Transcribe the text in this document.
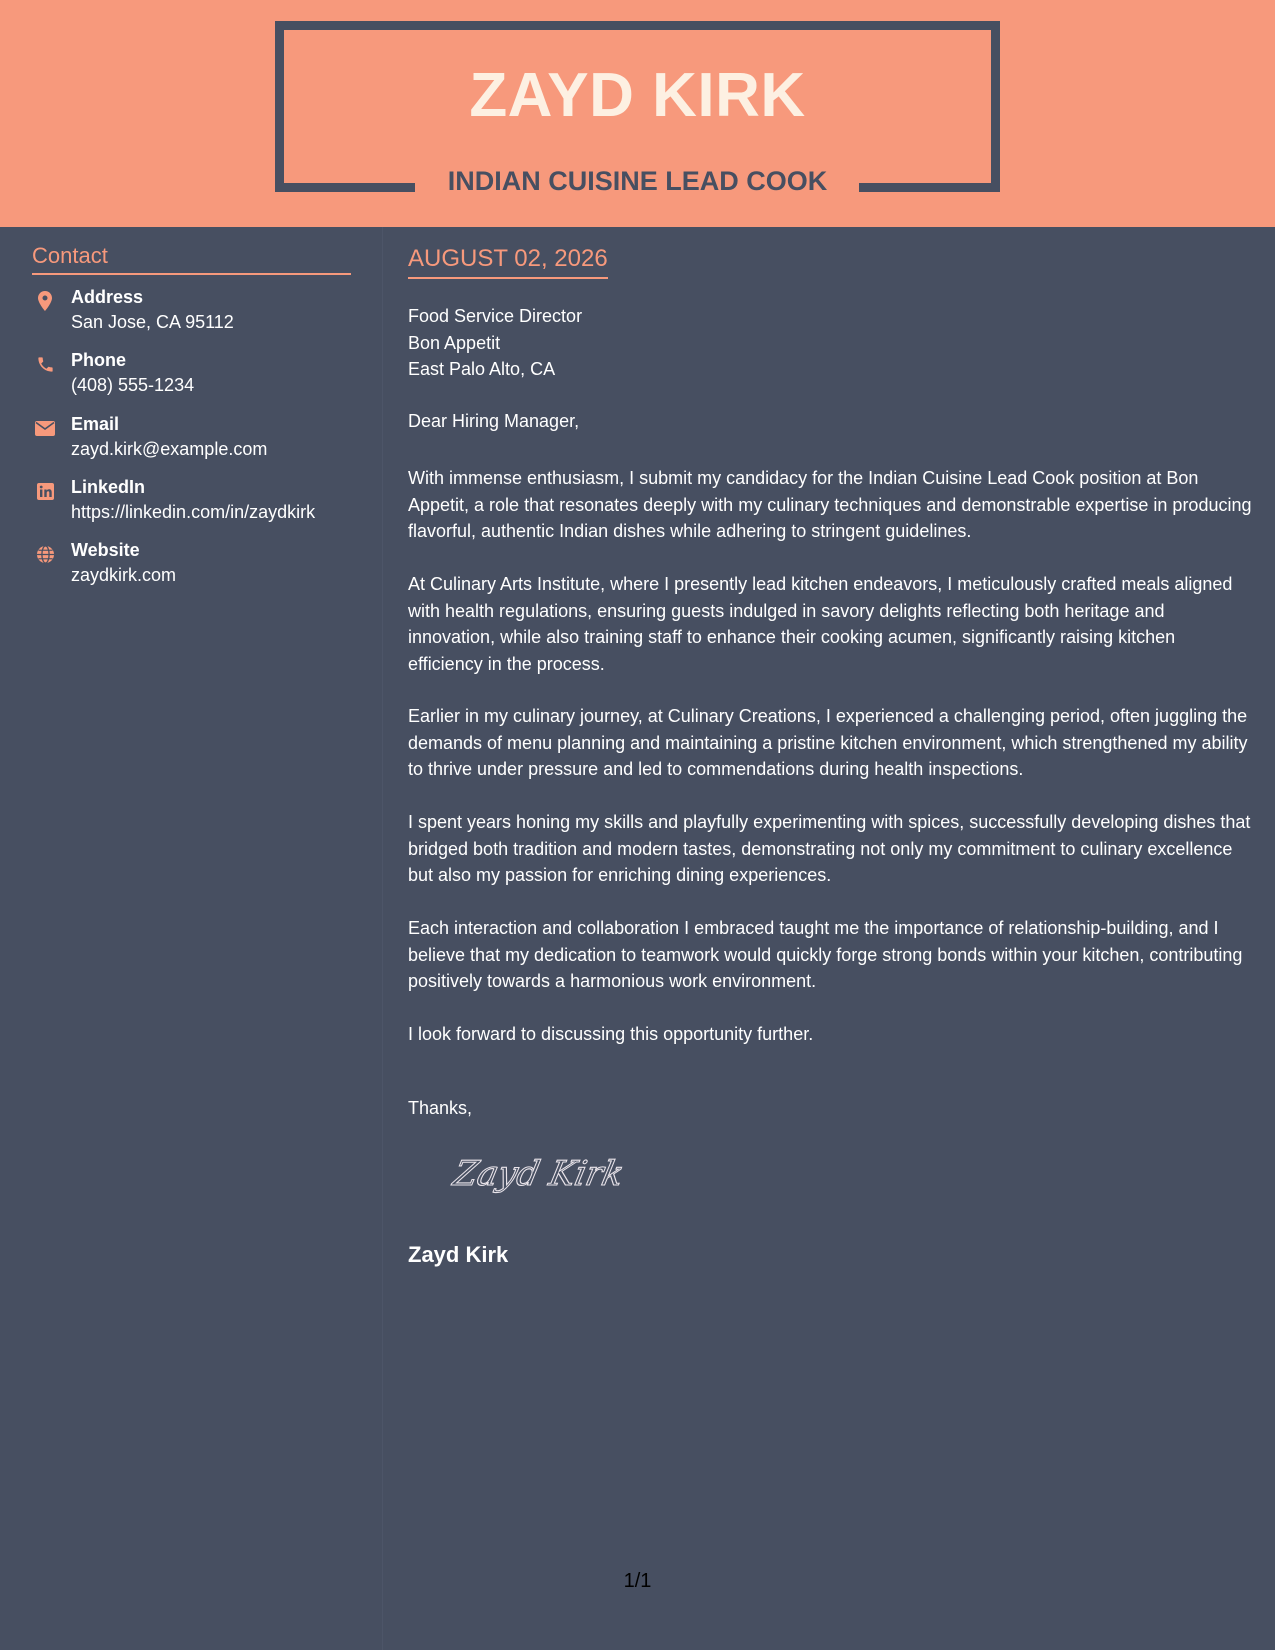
ZAYD KIRK
INDIAN CUISINE LEAD COOK
Contact
Address
San Jose, CA 95112
Phone
(408) 555-1234
Email
zayd.kirk@example.com
LinkedIn
https://linkedin.com/in/zaydkirk
Website
zaydkirk.com
AUGUST 02, 2026
Food Service Director
Bon Appetit
East Palo Alto, CA
Dear Hiring Manager,

With immense enthusiasm, I submit my candidacy for the Indian Cuisine Lead Cook position at Bon Appetit, a role that resonates deeply with my culinary techniques and demonstrable expertise in producing flavorful, authentic Indian dishes while adhering to stringent guidelines.

At Culinary Arts Institute, where I presently lead kitchen endeavors, I meticulously crafted meals aligned with health regulations, ensuring guests indulged in savory delights reflecting both heritage and innovation, while also training staff to enhance their cooking acumen, significantly raising kitchen efficiency in the process.

Earlier in my culinary journey, at Culinary Creations, I experienced a challenging period, often juggling the demands of menu planning and maintaining a pristine kitchen environment, which strengthened my ability to thrive under pressure and led to commendations during health inspections.

I spent years honing my skills and playfully experimenting with spices, successfully developing dishes that bridged both tradition and modern tastes, demonstrating not only my commitment to culinary excellence but also my passion for enriching dining experiences.

Each interaction and collaboration I embraced taught me the importance of relationship-building, and I believe that my dedication to teamwork would quickly forge strong bonds within your kitchen, contributing positively towards a harmonious work environment.

I look forward to discussing this opportunity further.

Thanks,
Zayd Kirk
Zayd Kirk
1/1
